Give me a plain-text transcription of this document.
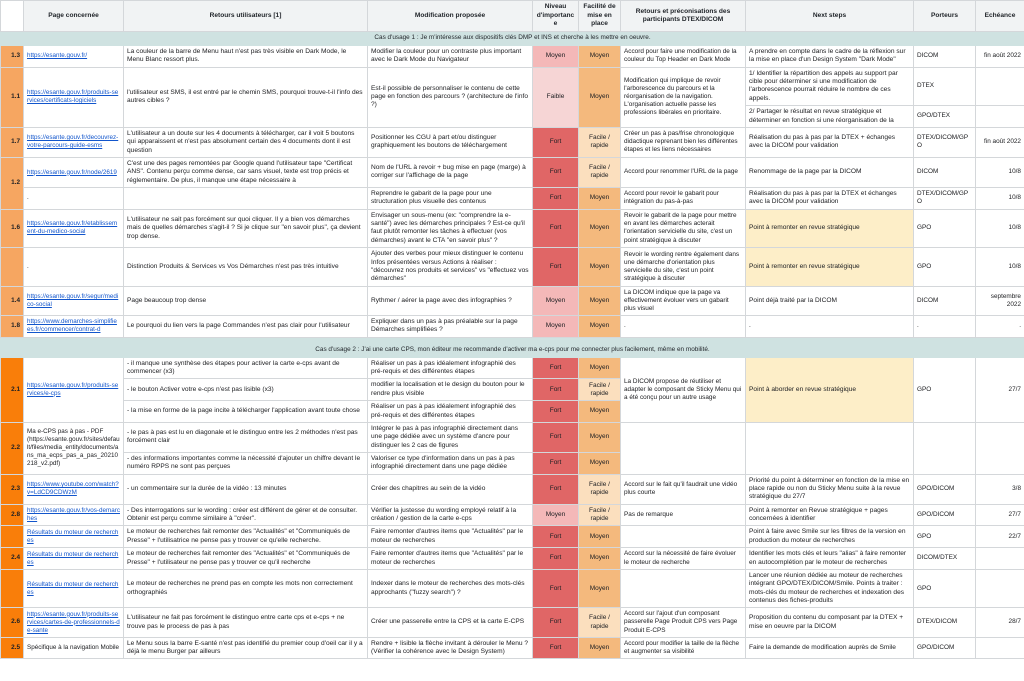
	Page concernée	Retours utilisateurs [1]	Modification proposée	Niveau d'importance	Facilité de mise en place	Retours et préconisations des participants DTEX/DICOM	Next steps	Porteurs	Echéance
Cas d'usage 1 : Je m'intéresse aux dispositifs clés DMP et INS et cherche à les mettre en oeuvre.									
1.3	https://esante.gouv.fr/	La couleur de la barre de Menu haut n'est pas très visible en Dark Mode, le Menu Blanc ressort plus.	Modifier la couleur pour un contraste plus important avec le Dark Mode du Navigateur	Moyen	Moyen	Accord pour faire une modification de la couleur du Top Header en Dark Mode	A prendre en compte dans le cadre de la réflexion sur la mise en place d'un Design System "Dark Mode"	DICOM	fin août 2022
1.1	https://esante.gouv.fr/produits-services/certificats-logiciels	l'utilisateur est SMS, il est entré par le chemin SMS, pourquoi trouve-t-il l'info des autres cibles ?	Est-il possible de personnaliser le contenu de cette page en fonction des parcours ? (architecture de l'info ?)	Faible	Moyen	Modification qui implique de revoir l'arborescence du parcours et la réorganisation de la navigation. L'organisation actuelle passe les professions libérales en prioritaire.	1/ Identifier la répartition des appels au support par cible pour déterminer si une modification de l'arborescence pourrait réduire le nombre de ces appels.	DTEX	
							2/ Partager le résultat en revue stratégique et déterminer en fonction si une réorganisation de la	GPO/DTEX	
1.7	https://esante.gouv.fr/decouvrez-votre-parcours-guide-esms	L'utilisateur a un doute sur les 4 documents à télécharger, car il voit 5 boutons qui apparaissent et n'est pas absolument certain des 4 documents dont il est question	Positionner les CGU à part et/ou distinguer graphiquement les boutons de téléchargement	Fort	Facile / rapide	Créer un pas à pas/frise chronologique didactique reprenant bien les différentes étapes et les liens nécessaires	Réalisation du pas à pas par la DTEX + échanges avec la DICOM pour validation	DTEX/DICOM/GPO	fin août 2022
1.2	https://esante.gouv.fr/node/2619	C'est une des pages remontées par Google quand l'utilisateur tape "Certificat ANS". Contenu perçu comme dense, car sans visuel, texte est trop précis et réglementaire. De plus, il manque une étape nécessaire à	Nom de l'URL à revoir + bug mise en page (marge) à corriger sur l'affichage de la page	Fort	Facile / rapide	Accord pour renommer l'URL de la page	Renommage de la page par la DICOM	DICOM	10/8
	.		Reprendre le gabarit de la page pour une structuration plus visuelle des contenus	Fort	Moyen	Accord pour revoir le gabarit pour intégration du pas-à-pas	Réalisation du pas à pas par la DTEX et échanges avec la DICOM pour validation	DTEX/DICOM/GPO	10/8
1.6	https://esante.gouv.fr/etablissement-du-medico-social	L'utilisateur ne sait pas forcément sur quoi cliquer. Il y a bien vos démarches mais de quelles démarches s'agit-il ? Si je clique sur "en savoir plus", ça devient trop dense.	Envisager un sous-menu (ex: "comprendre la e-santé") avec les démarches principales ? Est-ce qu'il faut plutôt remonter les tâches à effectuer (vos démarches) avant le CTA "en savoir plus" ?	Fort	Moyen	Revoir le gabarit de la page pour mettre en avant les démarches acterait l'orientation servicielle du site, c'est un point stratégique à discuter	Point à remonter en revue stratégique	GPO	10/8
	.	Distinction Produits & Services vs Vos Démarches n'est pas très intuitive	Ajouter des verbes pour mieux distinguer le contenu Infos présentées versus Actions à réaliser : "découvrez nos produits et services" vs "effectuez vos démarches"	Fort	Moyen	Revoir le wording rentre également dans une démarche d'orientation plus servicielle du site, c'est un point stratégique à discuter	Point à remonter en revue stratégique	GPO	10/8
1.4	https://esante.gouv.fr/segur/medico-social	Page beaucoup trop dense	Rythmer / aérer la page avec des infographies ?	Moyen	Moyen	La DICOM indique que la page va effectivement évoluer vers un gabarit plus visuel	Point déjà traité par la DICOM	DICOM	septembre 2022
1.8	https://www.demarches-simplifiees.fr/commencer/contrat-d	Le pourquoi du lien vers la page Commandes n'est pas clair pour l'utilisateur	Expliquer dans un pas à pas préalable sur la page Démarches simplifiées ?	Moyen	Moyen	.	.	.	.

Cas d'usage 2 : J'ai une carte CPS, mon éditeur me recommande d'activer ma e-cps pour me connecter plus facilement, même en mobilité.									
2.1	https://esante.gouv.fr/produits-services/e-cps	- il manque une synthèse des étapes pour activer la carte e-cps avant de commencer (x3)	Réaliser un pas à pas idéalement infographié des pré-requis et des différentes étapes	Fort	Moyen	La DICOM propose de réutiliser et adapter le composant de Sticky Menu qui a été conçu pour un autre usage	Point à aborder en revue stratégique	GPO	27/7
		- le bouton Activer votre e-cps n'est pas lisible (x3)	modifier la localisation et le design du bouton pour le rendre plus visible	Fort	Facile / rapide				
		- la mise en forme de la page incite à télécharger l'application avant toute chose	Réaliser un pas à pas idéalement infographié des pré-requis et des différentes étapes	Fort	Moyen				
2.2	Ma e-CPS pas à pas - PDF (https://esante.gouv.fr/sites/default/files/media_entity/documents/ans_ma_ecps_pas_a_pas_20210218_v2.pdf)	- le pas à pas est lu en diagonale et le distinguo entre les 2 méthodes n'est pas forcément clair	Intégrer le pas à pas infographié directement dans une page dédiée avec un système d'ancre pour distinguer les 2 cas de figures	Fort	Moyen				
		- des informations importantes comme la nécessité d'ajouter un chiffre devant le numéro RPPS ne sont pas perçues	Valoriser ce type d'information dans un pas à pas infographié directement dans une page dédiée	Fort	Moyen				
2.3	https://www.youtube.com/watch?v=LdCD9CDWzM	- un commentaire sur la durée de la vidéo : 13 minutes	Créer des chapitres au sein de la vidéo	Fort	Facile / rapide	Accord sur le fait qu'il faudrait une vidéo plus courte	Priorité du point à déterminer en fonction de la mise en place rapide ou non du Sticky Menu suite à la revue stratégique du 27/7	GPO/DICOM	3/8
2.8	https://esante.gouv.fr/vos-demarches	- Des interrogations sur le wording : créer est différent de gérer et de consulter. Obtenir est perçu comme similaire à "créer".	Vérifier la justesse du wording employé relatif à la création / gestion de la carte e-cps	Moyen	Facile / rapide	Pas de remarque	Point à remonter en Revue stratégique + pages concernées à identifier	GPO/DICOM	27/7
	Résultats du moteur de recherches	Le moteur de recherches fait remonter des "Actualités" et "Communiqués de Presse" + l'utilisatrice ne pense pas y trouver ce qu'elle recherche.	Faire remonter d'autres items que "Actualités" par le moteur de recherches	Fort	Moyen		Point à faire avec Smile sur les filtres de la version en production du moteur de recherches	GPO	22/7
2.4	Résultats du moteur de recherches	Le moteur de recherches fait remonter des "Actualités" et "Communiqués de Presse" + l'utilisateur ne pense pas y trouver ce qu'il recherche	Faire remonter d'autres items que "Actualités" par le moteur de recherches	Fort	Moyen	Accord sur la nécessité de faire évoluer le moteur de recherche	Identifier les mots clés et leurs "alias" à faire remonter en autocomplétion par le moteur de recherches	DICOM/DTEX	
	Résultats du moteur de recherches	Le moteur de recherches ne prend pas en compte les mots non correctement orthographiés	Indexer dans le moteur de recherches des mots-clés approchants ("fuzzy search") ?	Fort	Moyen		Lancer une réunion dédiée au moteur de recherches intégrant GPO/DTEX/DICOM/Smile. Points à traiter : mots-clés du moteur de recherches et indexation des contenus des fiches-produits	GPO	
2.6	https://esante.gouv.fr/produits-services/cartes-de-professionnels-de-sante	L'utilisateur ne fait pas forcément le distinguo entre carte cps et e-cps + ne trouve pas le process de pas à pas	Créer une passerelle entre la CPS et la carte E-CPS	Fort	Facile / rapide	Accord sur l'ajout d'un composant passerelle Page Produit CPS vers Page Produit E-CPS	Proposition du contenu du composant par la DTEX + mise en oeuvre par la DICOM	DTEX/DICOM	28/7
2.5	Spécifique à la navigation Mobile	Le Menu sous la barre E-santé n'est pas identifié du premier coup d'oeil car il y a déjà le menu Burger par ailleurs	Rendre + lisible la flèche invitant à dérouler le Menu ? (Vérifier la cohérence avec le Design System)	Fort	Moyen	Accord pour modifier la taille de la flèche et augmenter sa visibilité	Faire la demande de modification auprès de Smile	GPO/DICOM	
